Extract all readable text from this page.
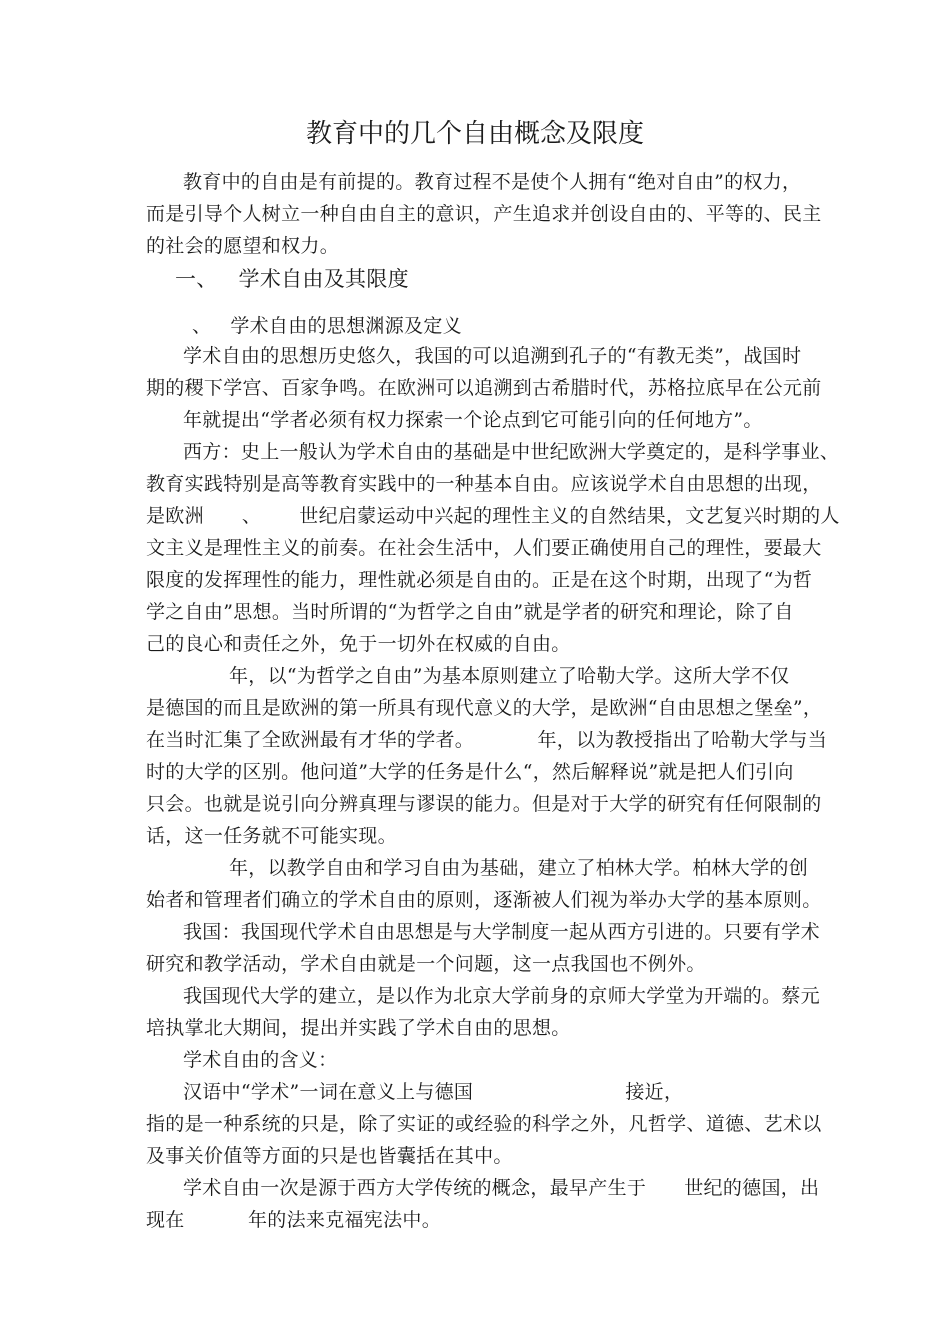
教育中的几个自由概念及限度
教育中的自由是有前提的。教育过程不是使个人拥有“绝对自由”的权力，
而是引导个人树立一种自由自主的意识，产生追求并创设自由的、平等的、民主
的社会的愿望和权力。
一、   学术自由及其限度
、   学术自由的思想渊源及定义
学术自由的思想历史悠久，我国的可以追溯到孔子的“有教无类”，战国时
期的稷下学宫、百家争鸣。在欧洲可以追溯到古希腊时代，苏格拉底早在公元前
年就提出“学者必须有权力探索一个论点到它可能引向的任何地方”。
西方：史上一般认为学术自由的基础是中世纪欧洲大学奠定的，是科学事业、
教育实践特别是高等教育实践中的一种基本自由。应该说学术自由思想的出现，
是欧洲      、      世纪启蒙运动中兴起的理性主义的自然结果，文艺复兴时期的人
文主义是理性主义的前奏。在社会生活中，人们要正确使用自己的理性，要最大
限度的发挥理性的能力，理性就必须是自由的。正是在这个时期，出现了“为哲
学之自由”思想。当时所谓的“为哲学之自由”就是学者的研究和理论，除了自
己的良心和责任之外，免于一切外在权威的自由。
年，以“为哲学之自由”为基本原则建立了哈勒大学。这所大学不仅
是德国的而且是欧洲的第一所具有现代意义的大学，是欧洲“自由思想之堡垒”，
在当时汇集了全欧洲最有才华的学者。          年，以为教授指出了哈勒大学与当
时的大学的区别。他问道”大学的任务是什么“，然后解释说”就是把人们引向
只会。也就是说引向分辨真理与谬误的能力。但是对于大学的研究有任何限制的
话，这一任务就不可能实现。
年，以教学自由和学习自由为基础，建立了柏林大学。柏林大学的创
始者和管理者们确立的学术自由的原则，逐渐被人们视为举办大学的基本原则。
我国：我国现代学术自由思想是与大学制度一起从西方引进的。只要有学术
研究和教学活动，学术自由就是一个问题，这一点我国也不例外。
我国现代大学的建立，是以作为北京大学前身的京师大学堂为开端的。蔡元
培执掌北大期间，提出并实践了学术自由的思想。
学术自由的含义：
汉语中“学术”一词在意义上与德国                        接近，
指的是一种系统的只是，除了实证的或经验的科学之外，凡哲学、道德、艺术以
及事关价值等方面的只是也皆囊括在其中。
学术自由一次是源于西方大学传统的概念，最早产生于      世纪的德国，出
现在          年的法来克福宪法中。
